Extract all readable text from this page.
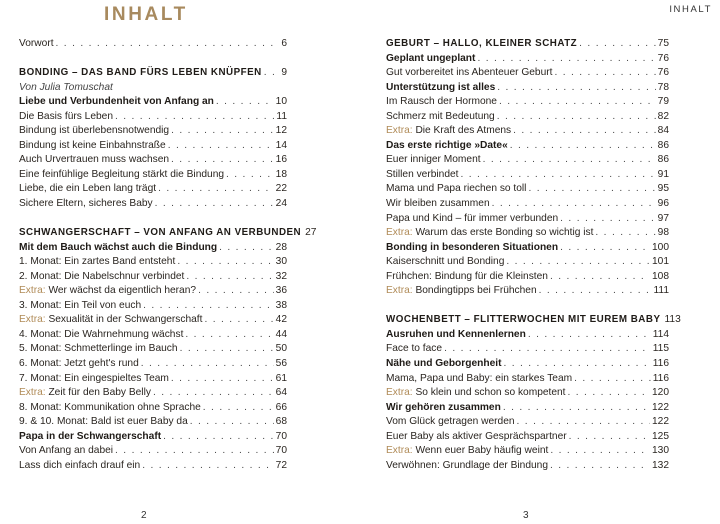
INHALT	INHALT
Vorwort . . .	6
BONDING – DAS BAND FÜRS LEBEN KNÜPFEN . . . 9
Von Julia Tomuschat
Liebe und Verbundenheit von Anfang an . . .	10
Die Basis fürs Leben . . .	11
Bindung ist überlebensnotwendig . . .	12
Bindung ist keine Einbahnstraße . . .	14
Auch Urvertrauen muss wachsen . . .	16
Eine feinfühlige Begleitung stärkt die Bindung . . .	18
Liebe, die ein Leben lang trägt . . .	22
Sichere Eltern, sicheres Baby . . .	24
SCHWANGERSCHAFT – VON ANFANG AN VERBUNDEN 27
Mit dem Bauch wächst auch die Bindung . . .	28
1. Monat: Ein zartes Band entsteht . . .	30
2. Monat: Die Nabelschnur verbindet . . .	32
Extra: Wer wächst da eigentlich heran? . . .	36
3. Monat: Ein Teil von euch . . .	38
Extra: Sexualität in der Schwangerschaft . . .	42
4. Monat: Die Wahrnehmung wächst . . .	44
5. Monat: Schmetterlinge im Bauch . . .	50
6. Monat: Jetzt geht's rund . . .	56
7. Monat: Ein eingespieltes Team . . .	61
Extra: Zeit für den Baby Belly . . .	64
8. Monat: Kommunikation ohne Sprache . . .	66
9. & 10. Monat: Bald ist euer Baby da . . .	68
Papa in der Schwangerschaft . . .	70
Von Anfang an dabei . . .	70
Lass dich einfach drauf ein . . .	72
GEBURT – HALLO, KLEINER SCHATZ . . .	75
Geplant ungeplant . . .	76
Gut vorbereitet ins Abenteuer Geburt . . .	76
Unterstützung ist alles . . .	78
Im Rausch der Hormone . . .	79
Schmerz mit Bedeutung . . .	82
Extra: Die Kraft des Atmens . . .	84
Das erste richtige »Date« . . .	86
Euer inniger Moment . . .	86
Stillen verbindet . . .	91
Mama und Papa riechen so toll . . .	95
Wir bleiben zusammen . . .	96
Papa und Kind – für immer verbunden . . .	97
Extra: Warum das erste Bonding so wichtig ist . . .	98
Bonding in besonderen Situationen . . .	100
Kaiserschnitt und Bonding . . .	101
Frühchen: Bindung für die Kleinsten . . .	108
Extra: Bondingtipps bei Frühchen . . .	111
WOCHENBETT – FLITTERWOCHEN MIT EUREM BABY 113
Ausruhen und Kennenlernen . . .	114
Face to face . . .	115
Nähe und Geborgenheit . . .	116
Mama, Papa und Baby: ein starkes Team . . .	116
Extra: So klein und schon so kompetent . . .	120
Wir gehören zusammen . . .	122
Vom Glück getragen werden . . .	122
Euer Baby als aktiver Gesprächspartner . . .	125
Extra: Wenn euer Baby häufig weint . . .	130
Verwöhnen: Grundlage der Bindung . . .	132
2	3
